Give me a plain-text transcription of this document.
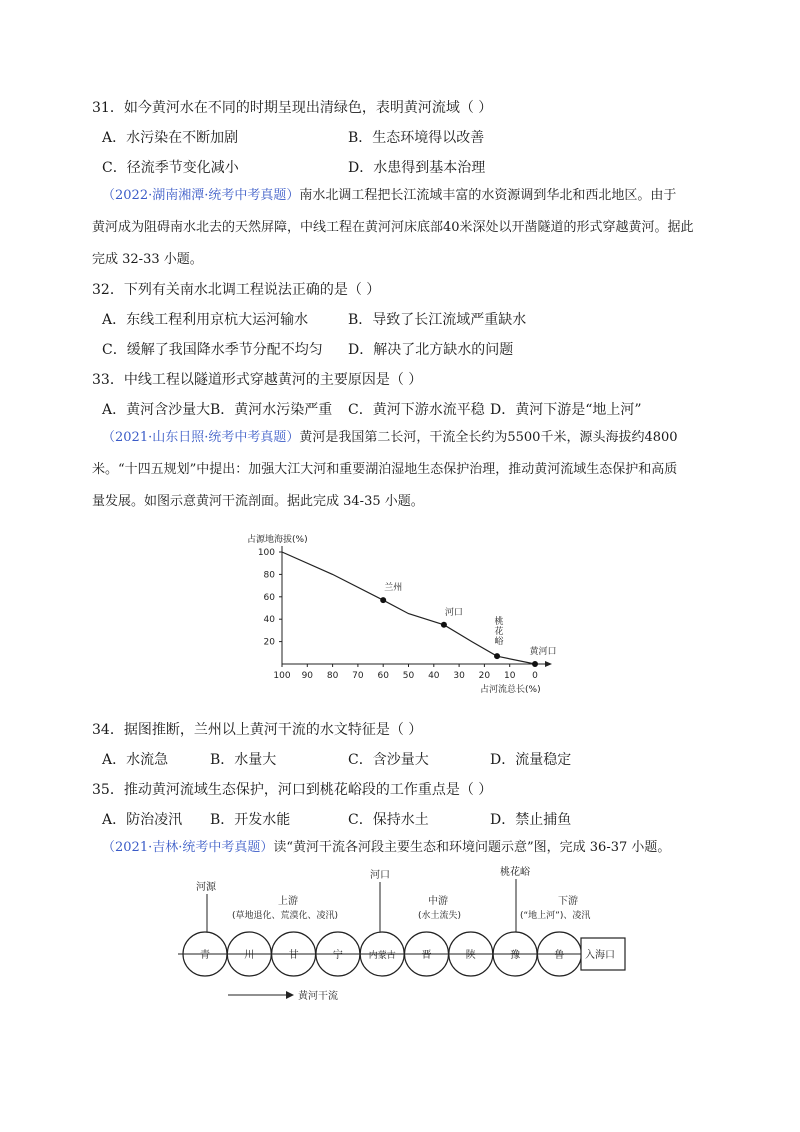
31．如今黄河水在不同的时期呈现出清绿色，表明黄河流域（ ）
A．水污染在不断加剧	B．生态环境得以改善
C．径流季节变化减小	D．水患得到基本治理
（2022·湖南湘潭·统考中考真题）南水北调工程把长江流域丰富的水资源调到华北和西北地区。由于
黄河成为阻碍南水北去的天然屏障，中线工程在黄河河床底部40米深处以开凿隧道的形式穿越黄河。据此
完成 32-33 小题。
32．下列有关南水北调工程说法正确的是（ ）
A．东线工程利用京杭大运河输水	B．导致了长江流域严重缺水
C．缓解了我国降水季节分配不均匀 D．解决了北方缺水的问题
33．中线工程以隧道形式穿越黄河的主要原因是（ ）
A．黄河含沙量大 B．黄河水污染严重 C．黄河下游水流平稳 D．黄河下游是“地上河”
（2021·山东日照·统考中考真题）黄河是我国第二长河，干流全长约为5500千米，源头海拔约4800
米。“十四五规划”中提出：加强大江大河和重要湖泊湿地生态保护治理，推动黄河流域生态保护和高质
量发展。如图示意黄河干流剖面。据此完成 34-35 小题。
占源地海拔(%)
占河流总长(%)
100 90 80 70 60 50 40 30 20 10 0
100
80
60
40
20
兰州
河口
桃
花
峪
黄河口
34．据图推断，兰州以上黄河干流的水文特征是（ ）
A．水流急	B．水量大	C．含沙量大	D．流量稳定
35．推动黄河流域生态保护，河口到桃花峪段的工作重点是（ ）
A．防治凌汛 B．开发水能	C．保持水土	D．禁止捕鱼
（2021·吉林·统考中考真题）读“黄河干流各河段主要生态和环境问题示意”图，完成 36-37 小题。
河源
河口	桃花峪
上游
(草地退化、荒漠化、凌汛)
中游
(水土流失)
下游
(“地上河”)、凌汛
青	川	甘	宁	内蒙古	晋	陕	豫	鲁 入海口
黄河干流
